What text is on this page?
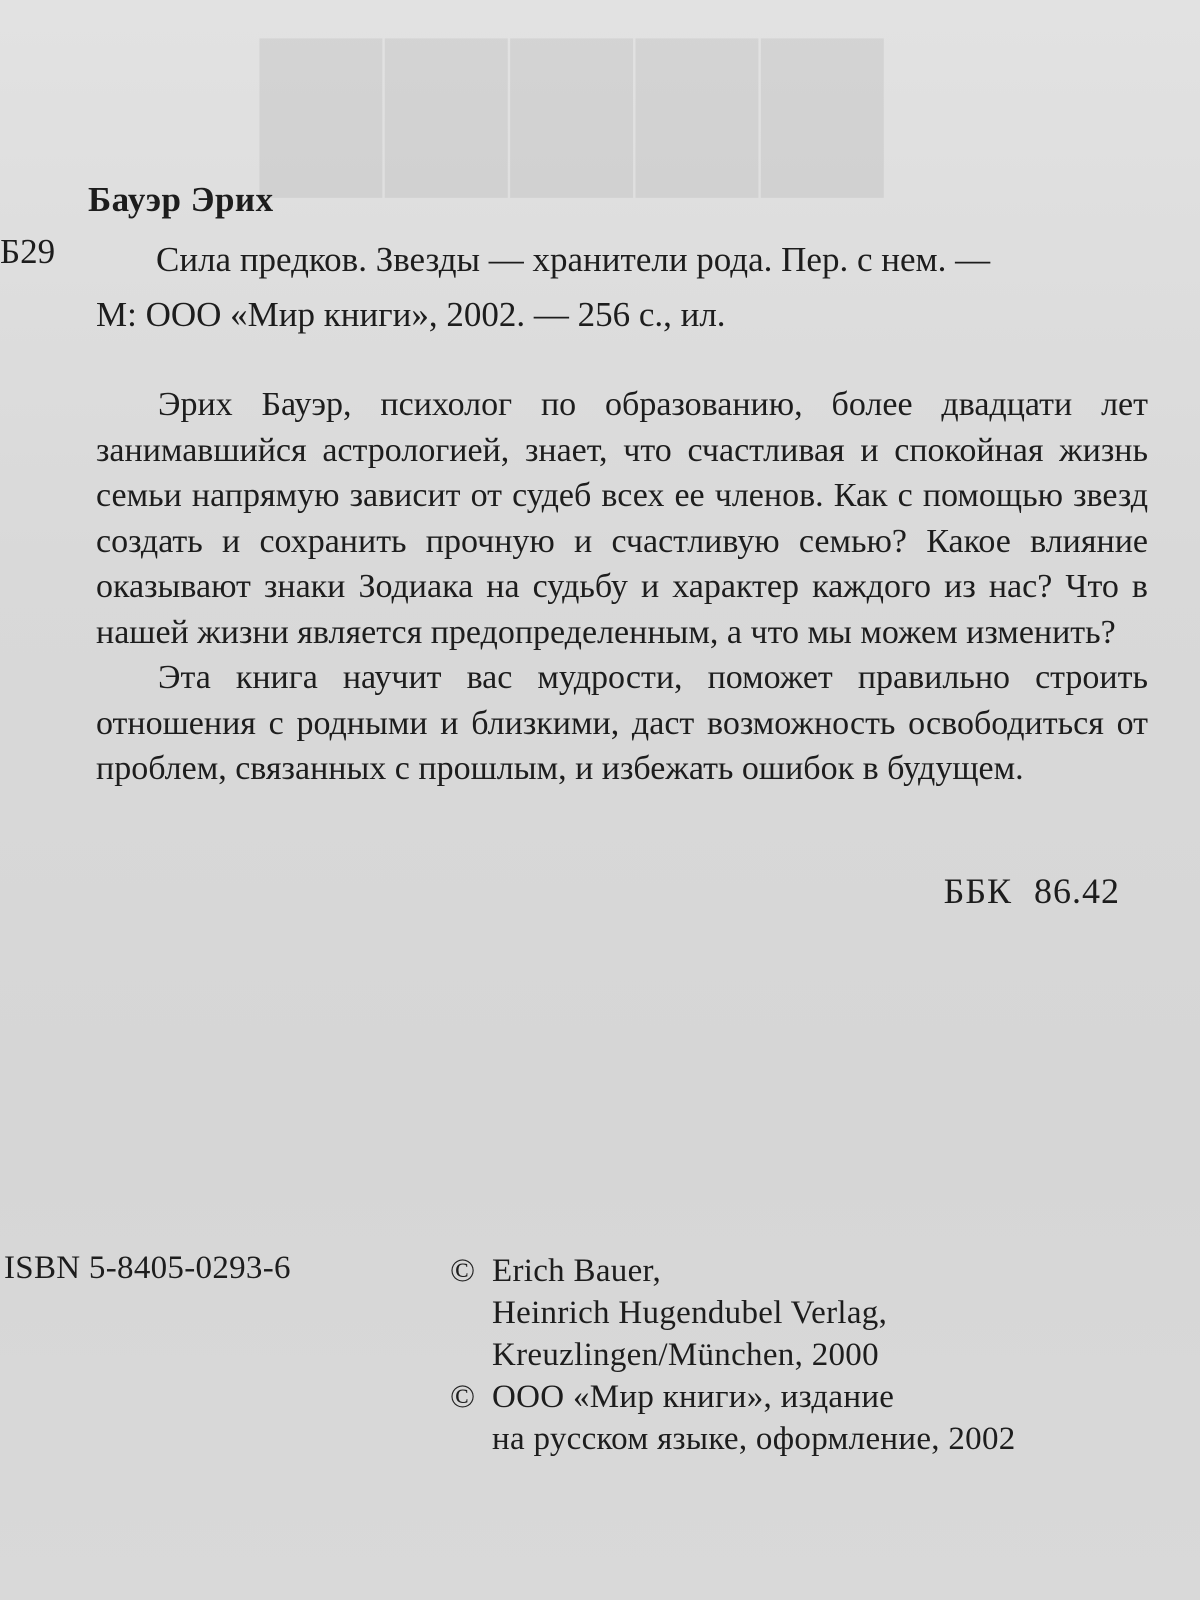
▇▇▇▇▇
Бауэр Эрих
Б29	Сила предков. Звезды — хранители рода. Пер. с нем. —
М: ООО «Мир книги», 2002. — 256 с., ил.

Эрих Бауэр, психолог по образованию, более двадцати лет занимавшийся астрологией, знает, что счастливая и спокойная жизнь семьи напрямую зависит от судеб всех ее членов. Как с помощью звезд создать и сохранить прочную и счастливую семью? Какое влияние оказывают знаки Зодиака на судьбу и характер каждого из нас? Что в нашей жизни является предопределенным, а что мы можем изменить?

Эта книга научит вас мудрости, поможет правильно строить отношения с родными и близкими, даст возможность освободиться от проблем, связанных с прошлым, и избежать ошибок в будущем.

ББК 86.42
ISBN 5-8405-0293-6	© Erich Bauer,
Heinrich Hugendubel Verlag,
Kreuzlingen/München, 2000
© ООО «Мир книги», издание
на русском языке, оформление, 2002
